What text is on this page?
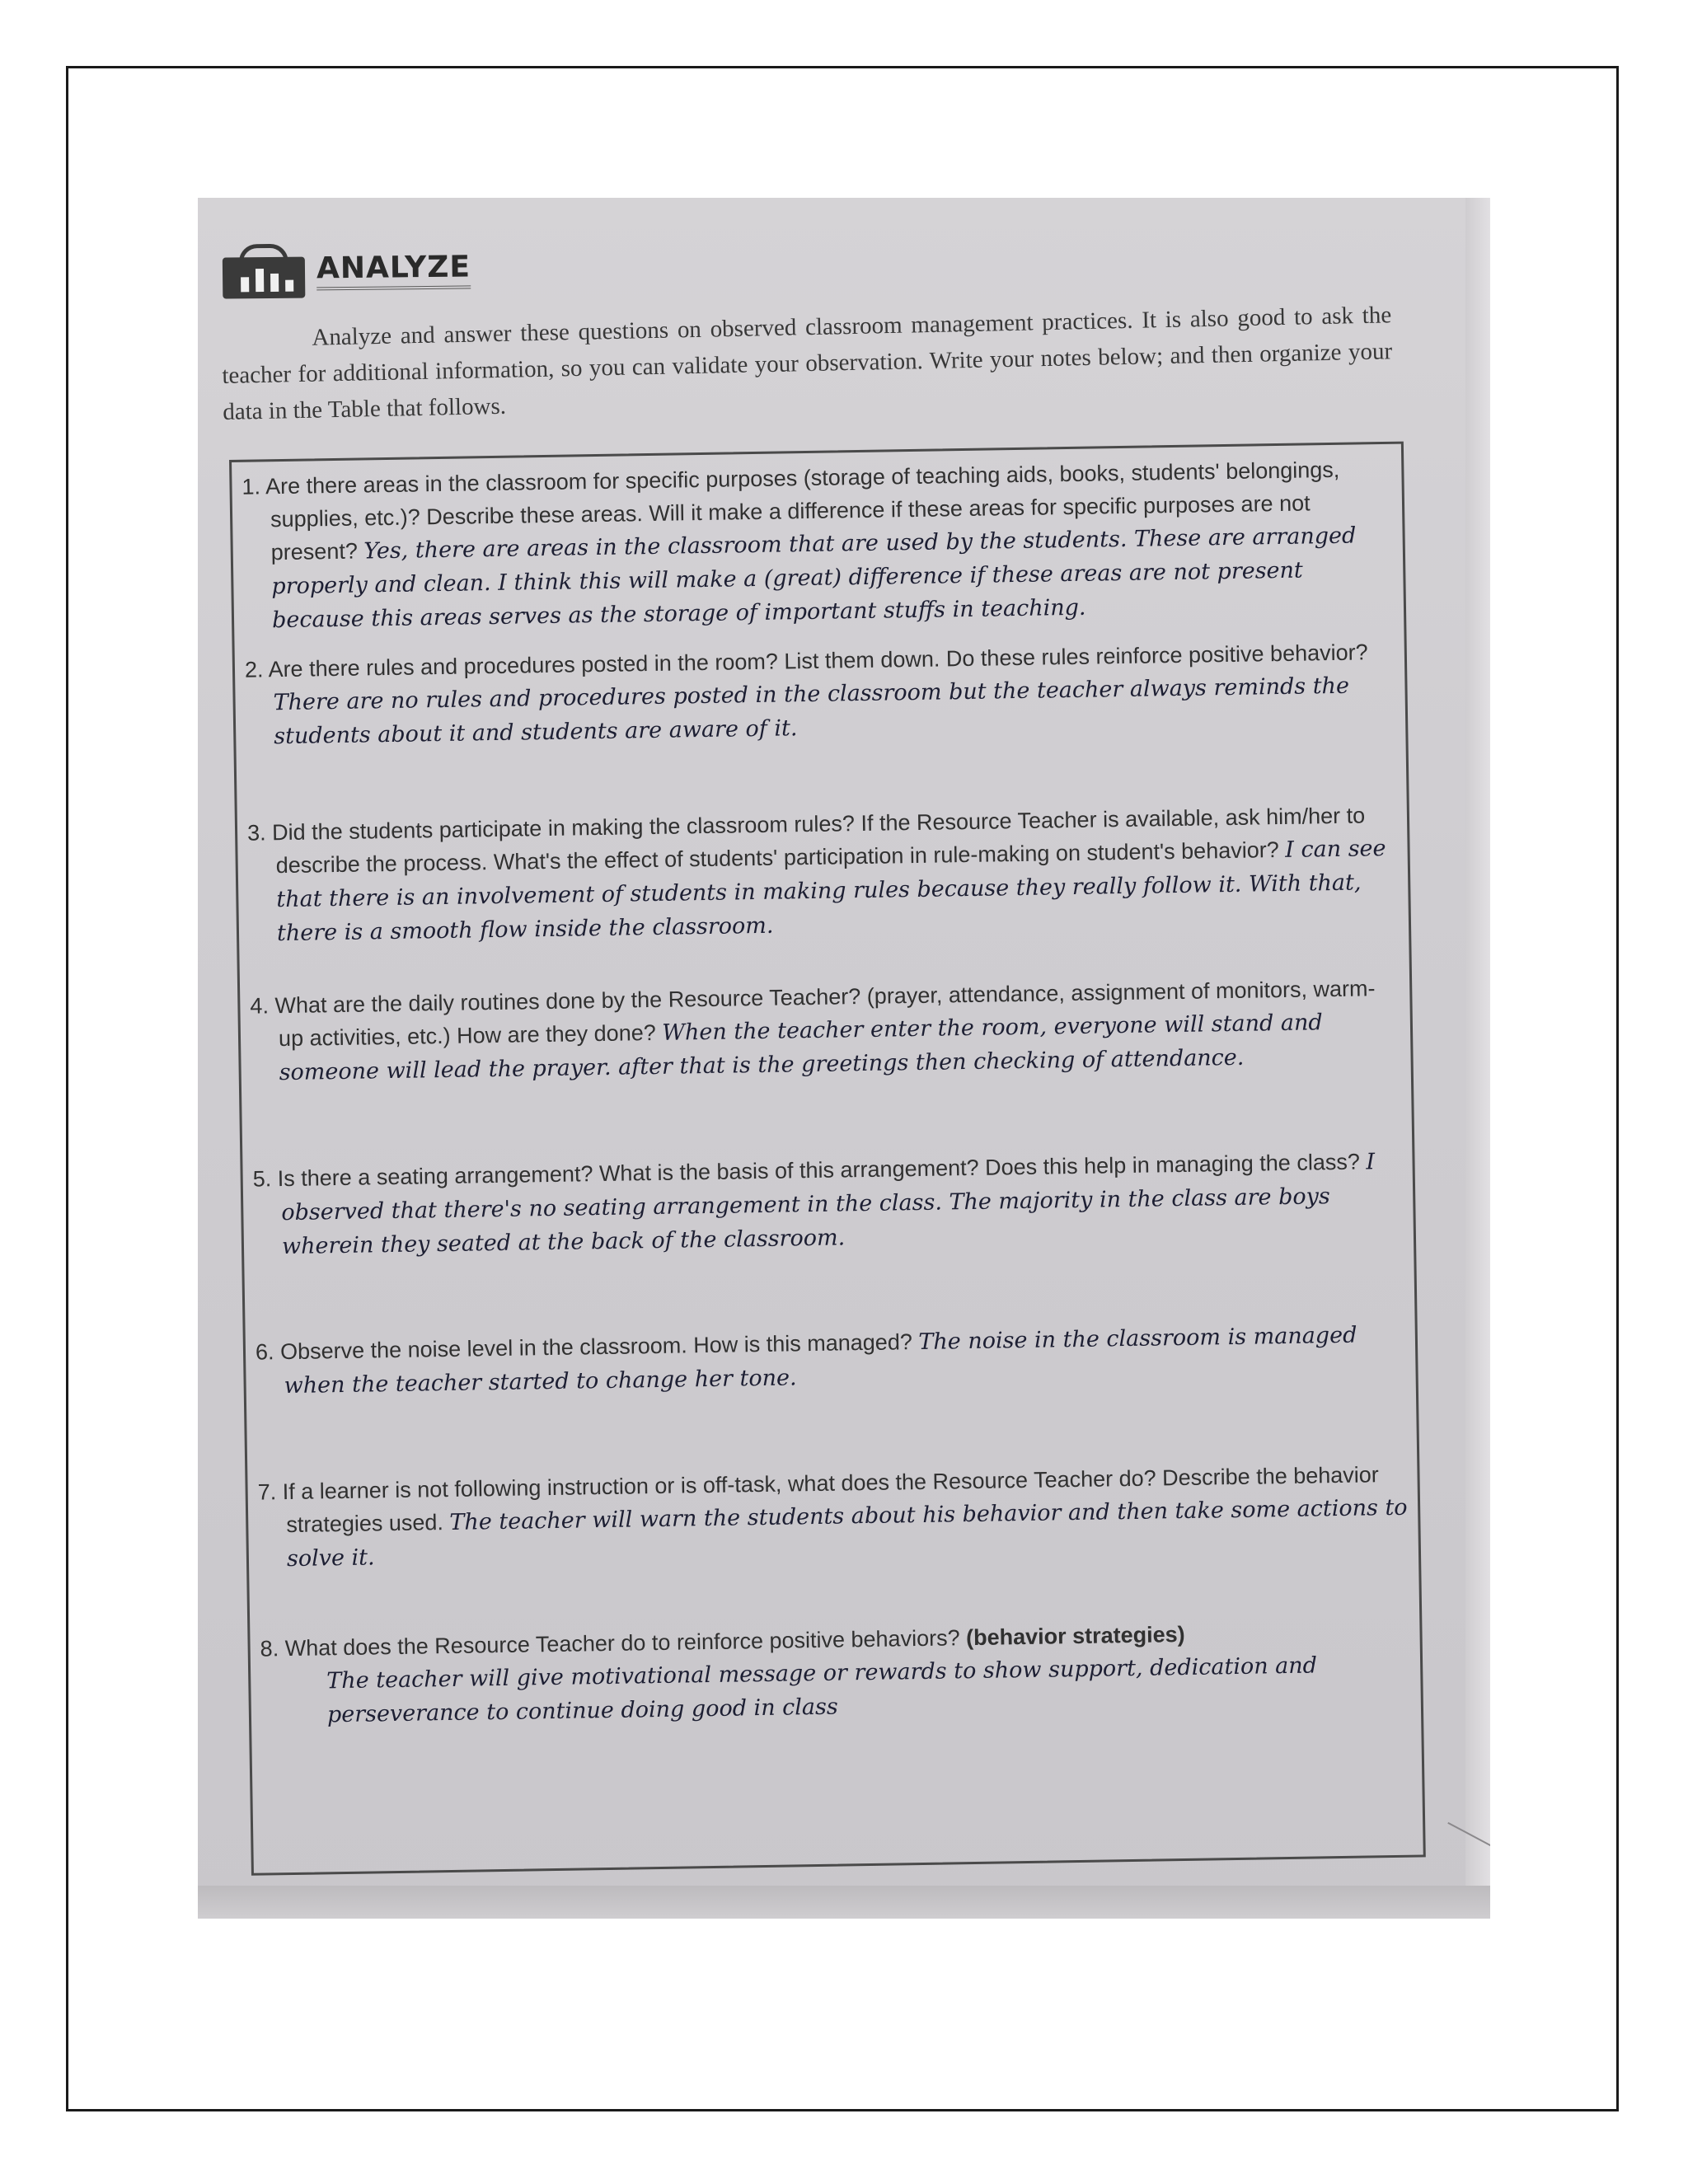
ANALYZE
Analyze and answer these questions on observed classroom management practices. It is also good to ask the teacher for additional information, so you can validate your observation. Write your notes below; and then organize your data in the Table that follows.
1. Are there areas in the classroom for specific purposes (storage of teaching aids, books, students' belongings, supplies, etc.)? Describe these areas. Will it make a difference if these areas for specific purposes are not present? Yes, there are areas in the classroom that are used by the students. These are arranged properly and clean. I think this will make a (great) difference if these areas are not present because this areas serves as the storage of important stuffs in teaching.
2. Are there rules and procedures posted in the room? List them down. Do these rules reinforce positive behavior? There are no rules and procedures posted in the classroom but the teacher always reminds the students about it and students are aware of it.
3. Did the students participate in making the classroom rules? If the Resource Teacher is available, ask him/her to describe the process. What's the effect of students' participation in rule-making on student's behavior? I can see that there is an involvement of students in making rules because they really follow it. With that, there is a smooth flow inside the classroom.
4. What are the daily routines done by the Resource Teacher? (prayer, attendance, assignment of monitors, warm-up activities, etc.) How are they done? When the teacher enter the room, everyone will stand and someone will lead the prayer. after that is the greetings then checking of attendance.
5. Is there a seating arrangement? What is the basis of this arrangement? Does this help in managing the class? I observed that there's no seating arrangement in the class. The majority in the class are boys wherein they seated at the back of the classroom.
6. Observe the noise level in the classroom. How is this managed? The noise in the classroom is managed when the teacher started to change her tone.
7. If a learner is not following instruction or is off-task, what does the Resource Teacher do? Describe the behavior strategies used. The teacher will warn the students about his behavior and then take some actions to solve it.
8. What does the Resource Teacher do to reinforce positive behaviors? (behavior strategies)
The teacher will give motivational message or rewards to show support, dedication and perseverance to continue doing good in class
